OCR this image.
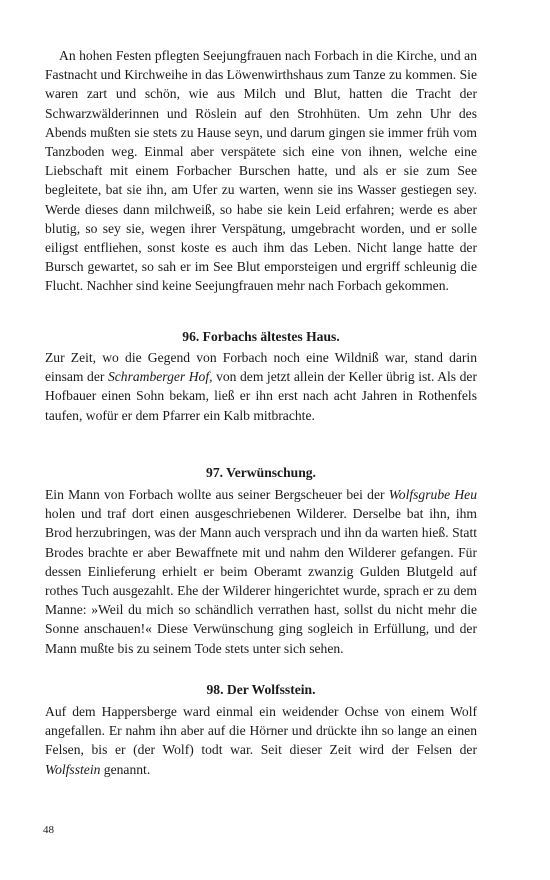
An hohen Festen pflegten Seejungfrauen nach Forbach in die Kirche, und an Fastnacht und Kirchweihe in das Löwenwirthshaus zum Tanze zu kommen. Sie waren zart und schön, wie aus Milch und Blut, hatten die Tracht der Schwarzwälderinnen und Röslein auf den Strohhüten. Um zehn Uhr des Abends mußten sie stets zu Hause seyn, und darum gingen sie immer früh vom Tanzboden weg. Einmal aber verspätete sich eine von ihnen, welche eine Liebschaft mit einem Forbacher Burschen hatte, und als er sie zum See begleitete, bat sie ihn, am Ufer zu warten, wenn sie ins Wasser gestiegen sey. Werde dieses dann milchweiß, so habe sie kein Leid erfahren; werde es aber blutig, so sey sie, wegen ihrer Verspätung, umgebracht worden, und er solle eiligst entfliehen, sonst koste es auch ihm das Leben. Nicht lange hatte der Bursch gewartet, so sah er im See Blut emporsteigen und ergriff schleunig die Flucht. Nachher sind keine Seejungfrauen mehr nach Forbach gekommen.

96. Forbachs ältestes Haus.

Zur Zeit, wo die Gegend von Forbach noch eine Wildniß war, stand darin einsam der Schramberger Hof, von dem jetzt allein der Keller übrig ist. Als der Hofbauer einen Sohn bekam, ließ er ihn erst nach acht Jahren in Rothenfels taufen, wofür er dem Pfarrer ein Kalb mitbrachte.

97. Verwünschung.

Ein Mann von Forbach wollte aus seiner Bergscheuer bei der Wolfsgrube Heu holen und traf dort einen ausgeschriebenen Wilderer. Derselbe bat ihn, ihm Brod herzubringen, was der Mann auch versprach und ihn da warten hieß. Statt Brodes brachte er aber Bewaffnete mit und nahm den Wilderer gefangen. Für dessen Einlieferung erhielt er beim Oberamt zwanzig Gulden Blutgeld auf rothes Tuch ausgezahlt. Ehe der Wilderer hingerichtet wurde, sprach er zu dem Manne: »Weil du mich so schändlich verrathen hast, sollst du nicht mehr die Sonne anschauen!« Diese Verwünschung ging sogleich in Erfüllung, und der Mann mußte bis zu seinem Tode stets unter sich sehen.

98. Der Wolfsstein.

Auf dem Happersberge ward einmal ein weidender Ochse von einem Wolf angefallen. Er nahm ihn aber auf die Hörner und drückte ihn so lange an einen Felsen, bis er (der Wolf) todt war. Seit dieser Zeit wird der Felsen der Wolfsstein genannt.

48
